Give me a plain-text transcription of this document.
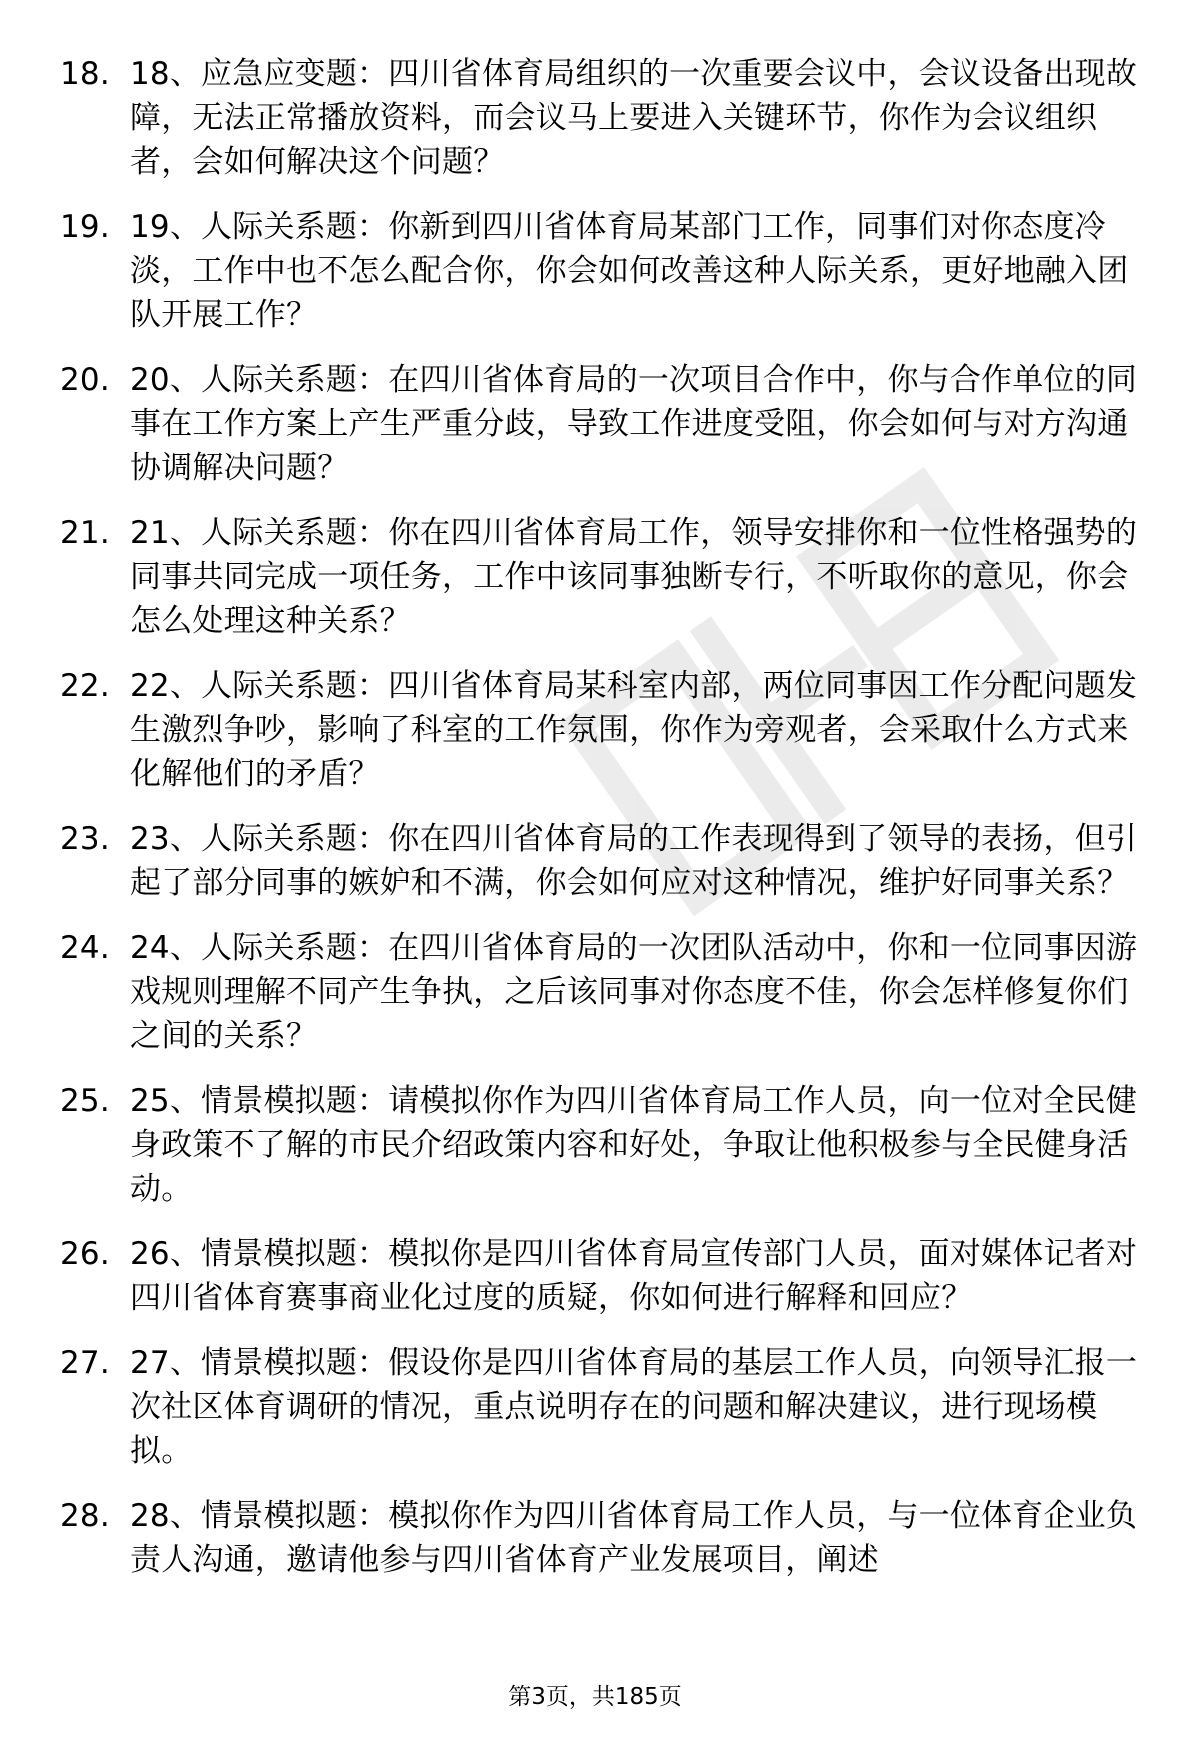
18. 18、应急应变题：四川省体育局组织的一次重要会议中，会议设备出现故障，无法正常播放资料，而会议马上要进入关键环节，你作为会议组织者，会如何解决这个问题？
19. 19、人际关系题：你新到四川省体育局某部门工作，同事们对你态度冷淡，工作中也不怎么配合你，你会如何改善这种人际关系，更好地融入团队开展工作？
20. 20、人际关系题：在四川省体育局的一次项目合作中，你与合作单位的同事在工作方案上产生严重分歧，导致工作进度受阻，你会如何与对方沟通协调解决问题？
21. 21、人际关系题：你在四川省体育局工作，领导安排你和一位性格强势的同事共同完成一项任务，工作中该同事独断专行，不听取你的意见，你会怎么处理这种关系？
22. 22、人际关系题：四川省体育局某科室内部，两位同事因工作分配问题发生激烈争吵，影响了科室的工作氛围，你作为旁观者，会采取什么方式来化解他们的矛盾？
23. 23、人际关系题：你在四川省体育局的工作表现得到了领导的表扬，但引起了部分同事的嫉妒和不满，你会如何应对这种情况，维护好同事关系？
24. 24、人际关系题：在四川省体育局的一次团队活动中，你和一位同事因游戏规则理解不同产生争执，之后该同事对你态度不佳，你会怎样修复你们之间的关系？
25. 25、情景模拟题：请模拟你作为四川省体育局工作人员，向一位对全民健身政策不了解的市民介绍政策内容和好处，争取让他积极参与全民健身活动。
26. 26、情景模拟题：模拟你是四川省体育局宣传部门人员，面对媒体记者对四川省体育赛事商业化过度的质疑，你如何进行解释和回应？
27. 27、情景模拟题：假设你是四川省体育局的基层工作人员，向领导汇报一次社区体育调研的情况，重点说明存在的问题和解决建议，进行现场模拟。
28. 28、情景模拟题：模拟你作为四川省体育局工作人员，与一位体育企业负责人沟通，邀请他参与四川省体育产业发展项目，阐述
第3页，共185页
